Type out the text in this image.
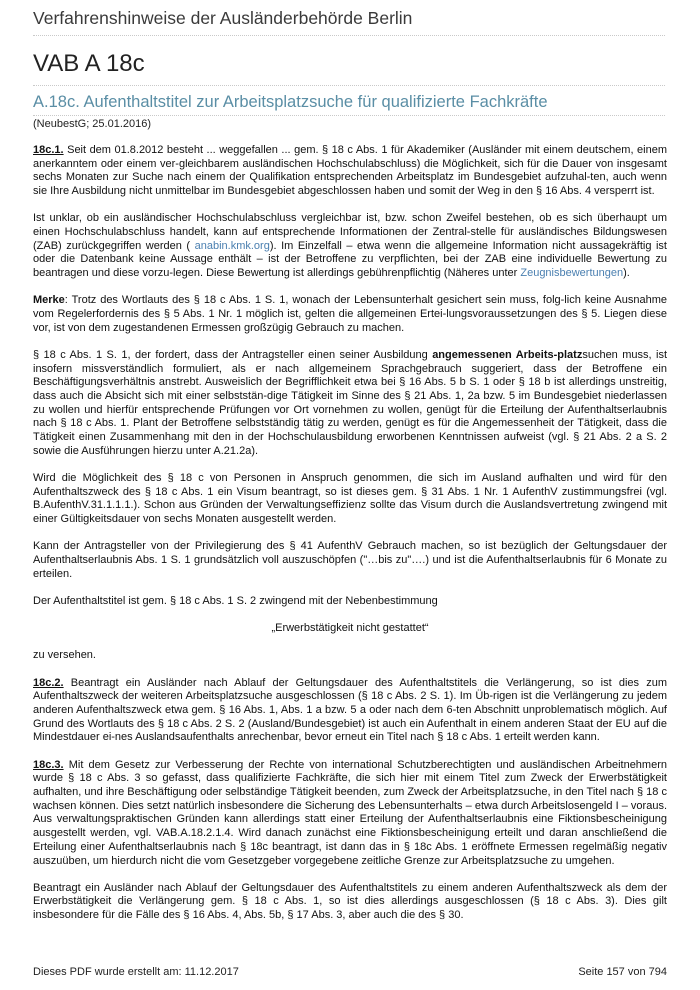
Verfahrenshinweise der Ausländerbehörde Berlin
VAB A 18c
A.18c. Aufenthaltstitel zur Arbeitsplatzsuche für qualifizierte Fachkräfte
(NeubestG; 25.01.2016)

18c.1. Seit dem 01.8.2012 besteht ... weggefallen ... gem. § 18 c Abs. 1 für Akademiker (Ausländer mit einem deutschem, einem anerkanntem oder einem ver-gleichbarem ausländischen Hochschulabschluss) die Möglichkeit, sich für die Dauer von insgesamt sechs Monaten zur Suche nach einem der Qualifikation entsprechenden Arbeitsplatz im Bundesgebiet aufzuhal-ten, auch wenn sie Ihre Ausbildung nicht unmittelbar im Bundesgebiet abgeschlossen haben und somit der Weg in den § 16 Abs. 4 versperrt ist.

Ist unklar, ob ein ausländischer Hochschulabschluss vergleichbar ist, bzw. schon Zweifel bestehen, ob es sich überhaupt um einen Hochschulabschluss handelt, kann auf entsprechende Informationen der Zentral-stelle für ausländisches Bildungswesen (ZAB) zurückgegriffen werden ( anabin.kmk.org). Im Einzelfall – etwa wenn die allgemeine Information nicht aussagekräftig ist oder die Datenbank keine Aussage enthält – ist der Betroffene zu verpflichten, bei der ZAB eine individuelle Bewertung zu beantragen und diese vorzu-legen. Diese Bewertung ist allerdings gebührenpflichtig (Näheres unter Zeugnisbewertungen).

Merke: Trotz des Wortlauts des § 18 c Abs. 1 S. 1, wonach der Lebensunterhalt gesichert sein muss, folg-lich keine Ausnahme vom Regelerfordernis des § 5 Abs. 1 Nr. 1 möglich ist, gelten die allgemeinen Ertei-lungsvoraussetzungen des § 5. Liegen diese vor, ist von dem zugestandenen Ermessen großzügig Gebrauch zu machen.

§ 18 c Abs. 1 S. 1, der fordert, dass der Antragsteller einen seiner Ausbildung angemessenen Arbeits-platzsuchen muss, ist insofern missverständlich formuliert, als er nach allgemeinem Sprachgebrauch suggeriert, dass der Betroffene ein Beschäftigungsverhältnis anstrebt. Ausweislich der Begrifflichkeit etwa bei § 16 Abs. 5 b S. 1 oder § 18 b ist allerdings unstreitig, dass auch die Absicht sich mit einer selbststän-dige Tätigkeit im Sinne des § 21 Abs. 1, 2a bzw. 5 im Bundesgebiet niederlassen zu wollen und hierfür entsprechende Prüfungen vor Ort vornehmen zu wollen, genügt für die Erteilung der Aufenthaltserlaubnis nach § 18 c Abs. 1. Plant der Betroffene selbstständig tätig zu werden, genügt es für die Angemessenheit der Tätigkeit, dass die Tätigkeit einen Zusammenhang mit den in der Hochschulausbildung erworbenen Kenntnissen aufweist (vgl. § 21 Abs. 2 a S. 2 sowie die Ausführungen hierzu unter A.21.2a).

Wird die Möglichkeit des § 18 c von Personen in Anspruch genommen, die sich im Ausland aufhalten und wird für den Aufenthaltszweck des § 18 c Abs. 1 ein Visum beantragt, so ist dieses gem. § 31 Abs. 1 Nr. 1 AufenthV zustimmungsfrei (vgl. B.AufenthV.31.1.1.1.). Schon aus Gründen der Verwaltungseffizienz sollte das Visum durch die Auslandsvertretung zwingend mit einer Gültigkeitsdauer von sechs Monaten ausgestellt werden.

Kann der Antragsteller von der Privilegierung des § 41 AufenthV Gebrauch machen, so ist bezüglich der Geltungsdauer der Aufenthaltserlaubnis Abs. 1 S. 1 grundsätzlich voll auszuschöpfen ("…bis zu"….) und ist die Aufenthaltserlaubnis für 6 Monate zu erteilen.

Der Aufenthaltstitel ist gem. § 18 c Abs. 1 S. 2 zwingend mit der Nebenbestimmung

„Erwerbstätigkeit nicht gestattet“

zu versehen.

18c.2. Beantragt ein Ausländer nach Ablauf der Geltungsdauer des Aufenthaltstitels die Verlängerung, so ist dies zum Aufenthaltszweck der weiteren Arbeitsplatzsuche ausgeschlossen (§ 18 c Abs. 2 S. 1). Im Üb-rigen ist die Verlängerung zu jedem anderen Aufenthaltszweck etwa gem. § 16 Abs. 1, Abs. 1 a bzw. 5 a oder nach dem 6-ten Abschnitt unproblematisch möglich. Auf Grund des Wortlauts des § 18 c Abs. 2 S. 2 (Ausland/Bundesgebiet) ist auch ein Aufenthalt in einem anderen Staat der EU auf die Mindestdauer ei-nes Auslandsaufenthalts anrechenbar, bevor erneut ein Titel nach § 18 c Abs. 1 erteilt werden kann.

18c.3. Mit dem Gesetz zur Verbesserung der Rechte von international Schutzberechtigten und ausländischen Arbeitnehmern wurde § 18 c Abs. 3 so gefasst, dass qualifizierte Fachkräfte, die sich hier mit einem Titel zum Zweck der Erwerbstätigkeit aufhalten, und ihre Beschäftigung oder selbständige Tätigkeit beenden, zum Zweck der Arbeitsplatzsuche, in den Titel nach § 18 c wachsen können. Dies setzt natürlich insbesondere die Sicherung des Lebensunterhalts – etwa durch Arbeitslosengeld I – voraus. Aus verwaltungspraktischen Gründen kann allerdings statt einer Erteilung der Aufenthaltserlaubnis eine Fiktionsbescheinigung ausgestellt werden, vgl. VAB.A.18.2.1.4. Wird danach zunächst eine Fiktionsbescheinigung erteilt und daran anschließend die Erteilung einer Aufenthaltserlaubnis nach § 18c beantragt, ist dann das in § 18c Abs. 1 eröffnete Ermessen regelmäßig negativ auszuüben, um hierdurch nicht die vom Gesetzgeber vorgegebene zeitliche Grenze zur Arbeitsplatzsuche zu umgehen.

Beantragt ein Ausländer nach Ablauf der Geltungsdauer des Aufenthaltstitels zu einem anderen Aufenthaltszweck als dem der Erwerbstätigkeit die Verlängerung gem. § 18 c Abs. 1, so ist dies allerdings ausgeschlossen (§ 18 c Abs. 3). Dies gilt insbesondere für die Fälle des § 16 Abs. 4, Abs. 5b, § 17 Abs. 3, aber auch die des § 30.

Dieses PDF wurde erstellt am: 11.12.2017	Seite 157 von 794
